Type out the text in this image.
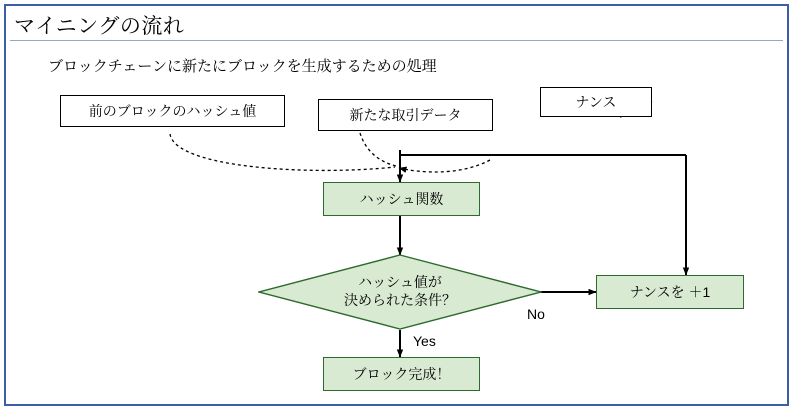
マイニングの流れ
ブロックチェーンに新たにブロックを生成するための処理
前のブロックのハッシュ値	新たな取引データ
ナンス
ハッシュ関数
ハッシュ値が
決められた条件？	ナンスを ＋1
ブロック完成！
No
Yes
